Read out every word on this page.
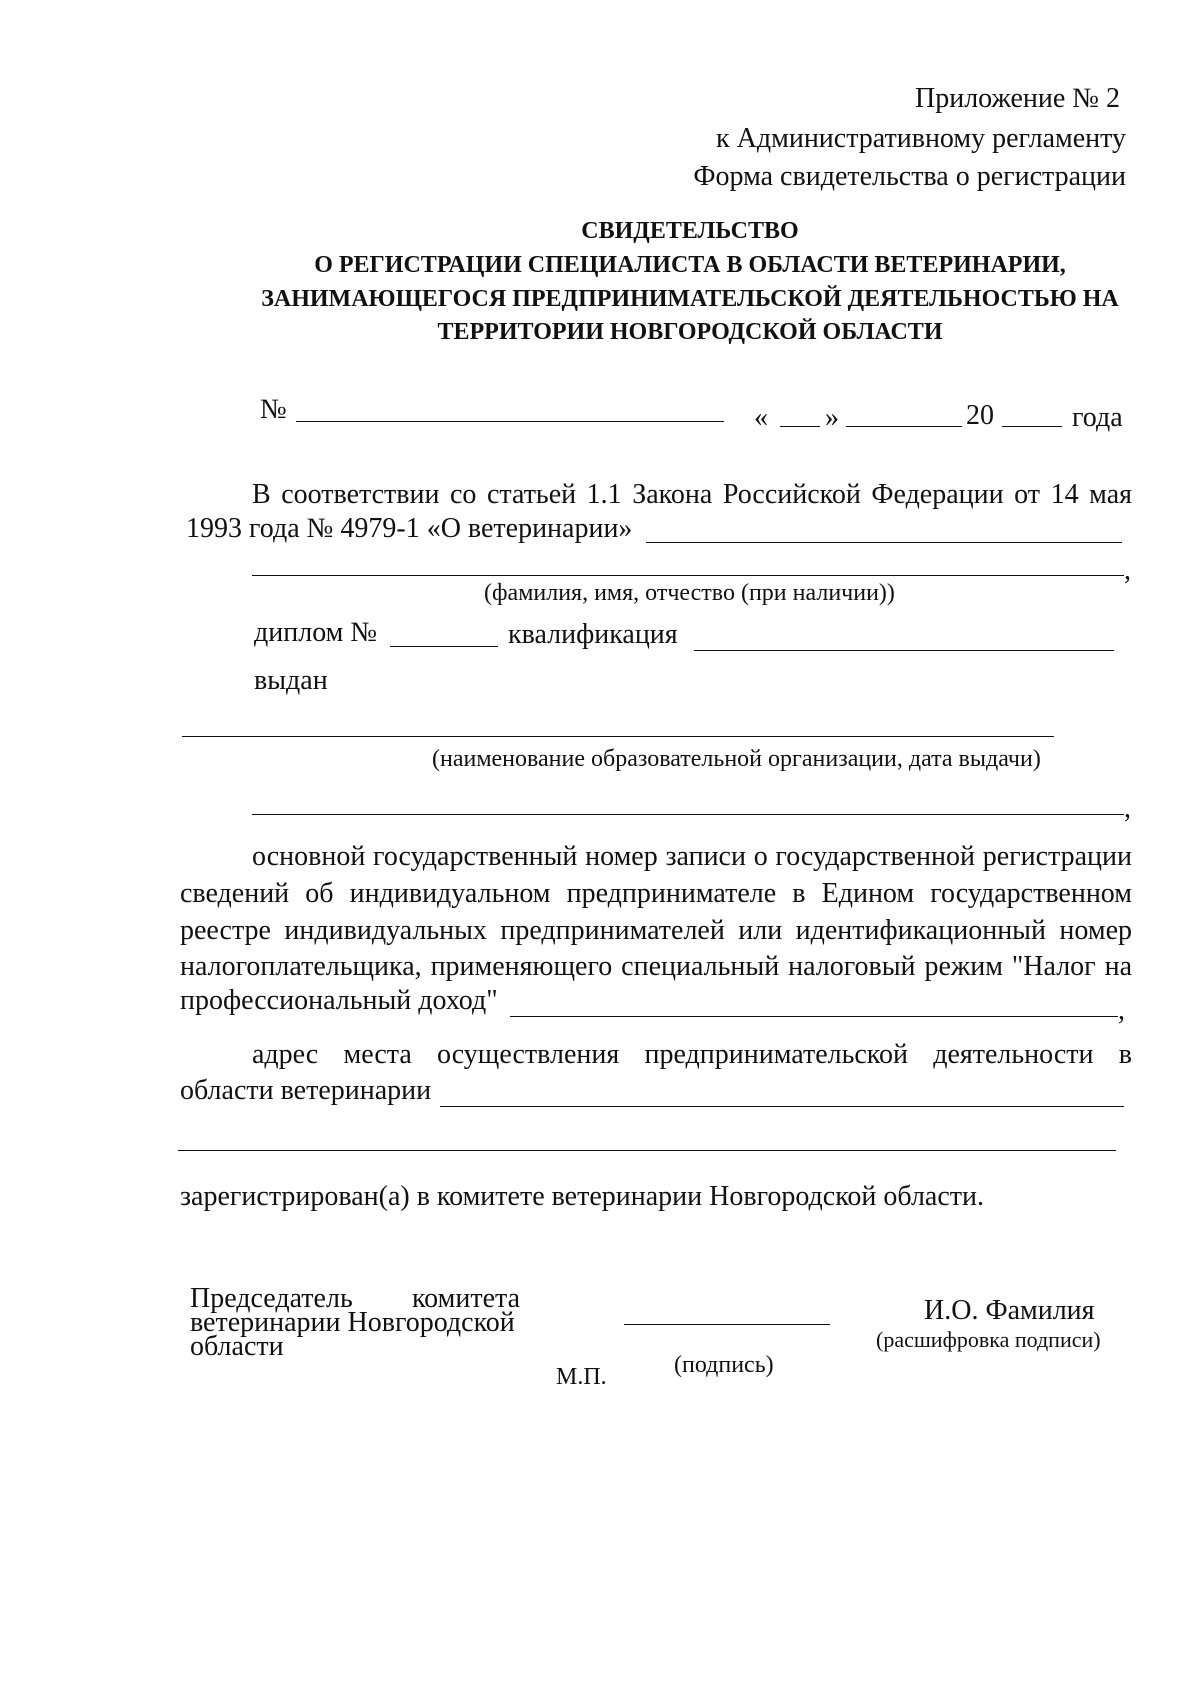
Приложение № 2
к Административному регламенту
Форма свидетельства о регистрации
СВИДЕТЕЛЬСТВО
О РЕГИСТРАЦИИ СПЕЦИАЛИСТА В ОБЛАСТИ ВЕТЕРИНАРИИ,
ЗАНИМАЮЩЕГОСЯ ПРЕДПРИНИМАТЕЛЬСКОЙ ДЕЯТЕЛЬНОСТЬЮ НА
ТЕРРИТОРИИ НОВГОРОДСКОЙ ОБЛАСТИ
№	« »	20	года
В соответствии со статьей 1.1 Закона Российской Федерации от 14 мая
1993 года № 4979-1 «О ветеринарии»
,
(фамилия, имя, отчество (при наличии))
диплом №	квалификация
выдан
(наименование образовательной организации, дата выдачи)
,
основной государственный номер записи о государственной регистрации
сведений об индивидуальном предпринимателе в Едином государственном
реестре индивидуальных предпринимателей или идентификационный номер
налогоплательщика, применяющего специальный налоговый режим "Налог на
профессиональный доход"	,
адрес места осуществления предпринимательской деятельности в
области ветеринарии
зарегистрирован(а) в комитете ветеринарии Новгородской области.
Председатель комитета
ветеринарии Новгородской
области
(подпись)
М.П.
И.О. Фамилия
(расшифровка подписи)
